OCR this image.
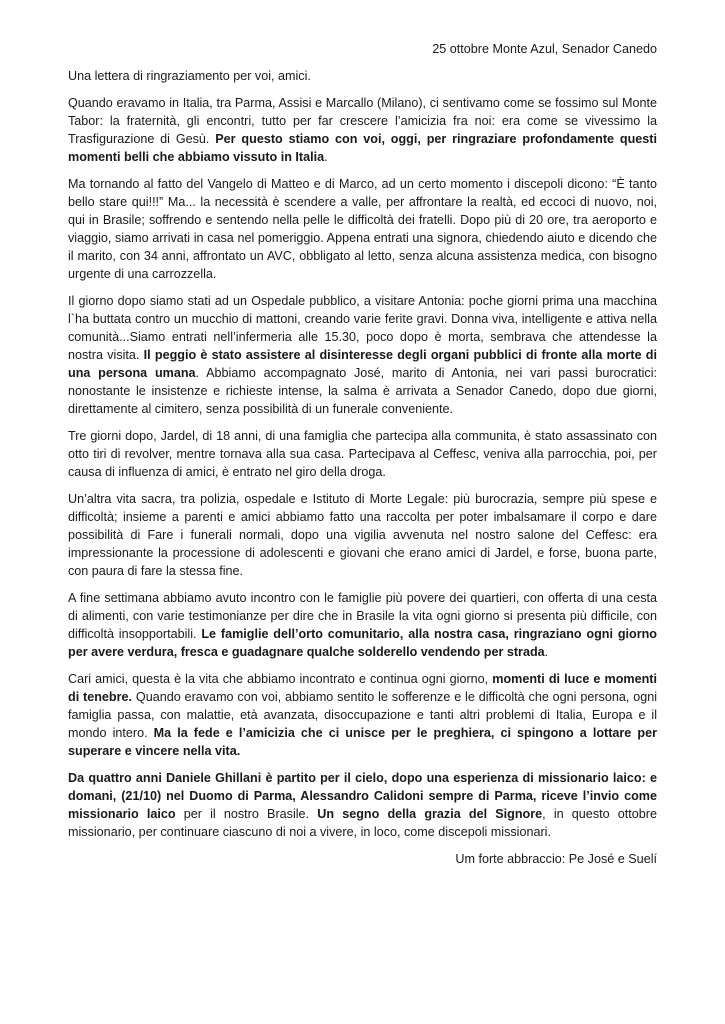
25 ottobre Monte Azul, Senador Canedo

Una lettera di ringraziamento per voi, amici.

Quando eravamo in Italia, tra Parma, Assisi e Marcallo (Milano), ci sentivamo come se fossimo sul Monte Tabor: la fraternità, gli encontri, tutto per far crescere l’amicizia fra noi: era come se vivessimo la Trasfigurazione di Gesù. Per questo stiamo con voi, oggi, per ringraziare profondamente questi momenti belli che abbiamo vissuto in Italia.

Ma tornando al fatto del Vangelo di Matteo e di Marco, ad un certo momento i discepoli dicono: “È tanto bello stare qui!!!” Ma... la necessità è scendere a valle, per affrontare la realtà, ed eccoci di nuovo, noi, qui in Brasile; soffrendo e sentendo nella pelle le difficoltà dei fratelli. Dopo più di 20 ore, tra aeroporto e viaggio, siamo arrivati in casa nel pomeriggio. Appena entrati una signora, chiedendo aiuto e dicendo che il marito, con 34 anni, affrontato un AVC, obbligato al letto, senza alcuna assistenza medica, con bisogno urgente di una carrozzella.

Il giorno dopo siamo stati ad un Ospedale pubblico, a visitare Antonia: poche giorni prima una macchina l`ha buttata contro un mucchio di mattoni, creando varie ferite gravi. Donna viva, intelligente e attiva nella comunità...Siamo entrati nell’infermeria alle 15.30, poco dopo è morta, sembrava che attendesse la nostra visita. Il peggio è stato assistere al disinteresse degli organi pubblici di fronte alla morte di una persona umana. Abbiamo accompagnato José, marito di Antonia, nei vari passi burocratici: nonostante le insistenze e richieste intense, la salma è arrivata a Senador Canedo, dopo due giorni, direttamente al cimitero, senza possibilità di un funerale conveniente.

Tre giorni dopo, Jardel, di 18 anni, di una famiglia che partecipa alla communita, è stato assassinato con otto tiri di revolver, mentre tornava alla sua casa. Partecipava al Ceffesc, veniva alla parrocchia, poi, per causa di influenza di amici, è entrato nel giro della droga.

Un’altra vita sacra, tra polizia, ospedale e Istituto di Morte Legale: più burocrazia, sempre più spese e difficoltà; insieme a parenti e amici abbiamo fatto una raccolta per poter imbalsamare il corpo e dare possibilità di Fare i funerali normali, dopo una vigilia avvenuta nel nostro salone del Ceffesc: era impressionante la processione di adolescenti e giovani che erano amici di Jardel, e forse, buona parte, con paura di fare la stessa fine.

A fine settimana abbiamo avuto incontro con le famiglie più povere dei quartieri, con offerta di una cesta di alimenti, con varie testimonianze per dire che in Brasile la vita ogni giorno si presenta più difficile, con difficoltà insopportabili. Le famiglie dell’orto comunitario, alla nostra casa, ringraziano ogni giorno per avere verdura, fresca e guadagnare qualche solderello vendendo per strada.

Cari amici, questa è la vita che abbiamo incontrato e continua ogni giorno, momenti di luce e momenti di tenebre. Quando eravamo con voi, abbiamo sentito le sofferenze e le difficoltà che ogni persona, ogni famiglia passa, con malattie, età avanzata, disoccupazione e tanti altri problemi di Italia, Europa e il mondo intero. Ma la fede e l’amicizia che ci unisce per le preghiera, ci spingono a lottare per superare e vincere nella vita.

Da quattro anni Daniele Ghillani è partito per il cielo, dopo una esperienza di missionario laico: e domani, (21/10) nel Duomo di Parma, Alessandro Calidoni sempre di Parma, riceve l’invio come missionario laico per il nostro Brasile. Un segno della grazia del Signore, in questo ottobre missionario, per continuare ciascuno di noi a vivere, in loco, come discepoli missionari.

Um forte abbraccio: Pe José e Suelí
